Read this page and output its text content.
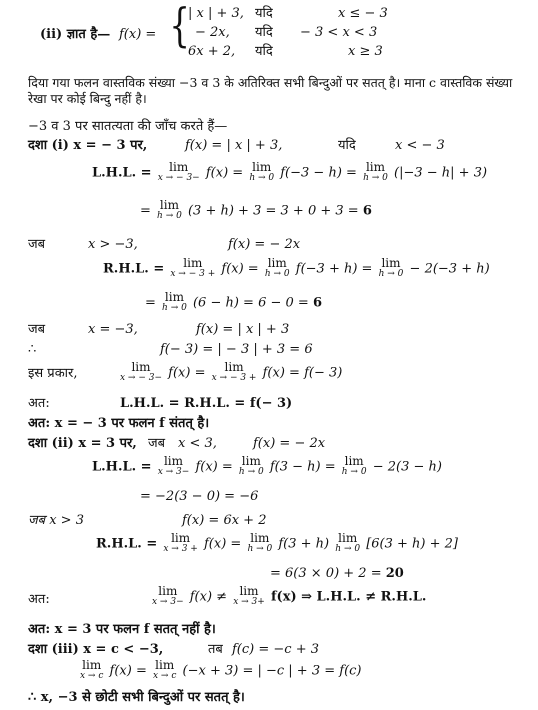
(ii) ज्ञात है— f(x) = {
| x | + 3, यदि	x ≤ − 3
− 2x, यदि − 3 < x < 3
6x + 2, यदि	x ≥ 3
दिया गया फलन वास्तविक संख्या −3 व 3 के अतिरिक्त सभी बिन्दुओं पर सतत् है। माना c वास्तविक संख्या रेखा पर कोई बिन्दु नहीं है।
−3 व 3 पर सातत्यता की जाँच करते हैं—
दशा (i) x = − 3 पर,	f(x) = | x | + 3,	यदि	x < − 3
L.H.L. =	lim
x → − 3− f(x) = lim
h → 0 f(−3 − h) = lim
h → 0 (|−3 − h| + 3)
= lim
h → 0 (3 + h) + 3 = 3 + 0 + 3 = 6
जब	x > −3,	f(x) = − 2x
R.H.L. =	lim
x → − 3 + f(x) = lim
h → 0 f(−3 + h) = lim
h → 0 − 2(−3 + h)
= lim
h → 0 (6 − h) = 6 − 0 = 6
जब	x = −3,	f(x) = | x | + 3
∴	f(− 3) = | − 3 | + 3 = 6
इस प्रकार,	lim
x → − 3− f(x) =	lim
x → − 3 + f(x) = f(− 3)
अत:	L.H.L. = R.H.L. = f(− 3)
अत: x = − 3 पर फलन f संतत् है।
दशा (ii) x = 3 पर, जब x < 3,	f(x) = − 2x
L.H.L. =	lim
x → 3− f(x) = lim
h → 0 f(3 − h) = lim
h → 0 − 2(3 − h)
= −2(3 − 0) = −6
जब x > 3	f(x) = 6x + 2
R.H.L. =	lim
x → 3 + f(x) = lim
h → 0 f(3 + h) lim
h → 0 [6(3 + h) + 2]
= 6(3 × 0) + 2 = 20
अत:
lim
x → 3− f(x) ≠	lim
x → 3+ f(x) ⇒ L.H.L. ≠ R.H.L.
अत: x = 3 पर फलन f सतत् नहीं है।
दशा (iii) x = c < −3,	तब f(c) = −c + 3
lim
x → c f(x) = lim
x → c (−x + 3) = | −c | + 3 = f(c)
∴ x, −3 से छोटी सभी बिन्दुओं पर सतत् है।
